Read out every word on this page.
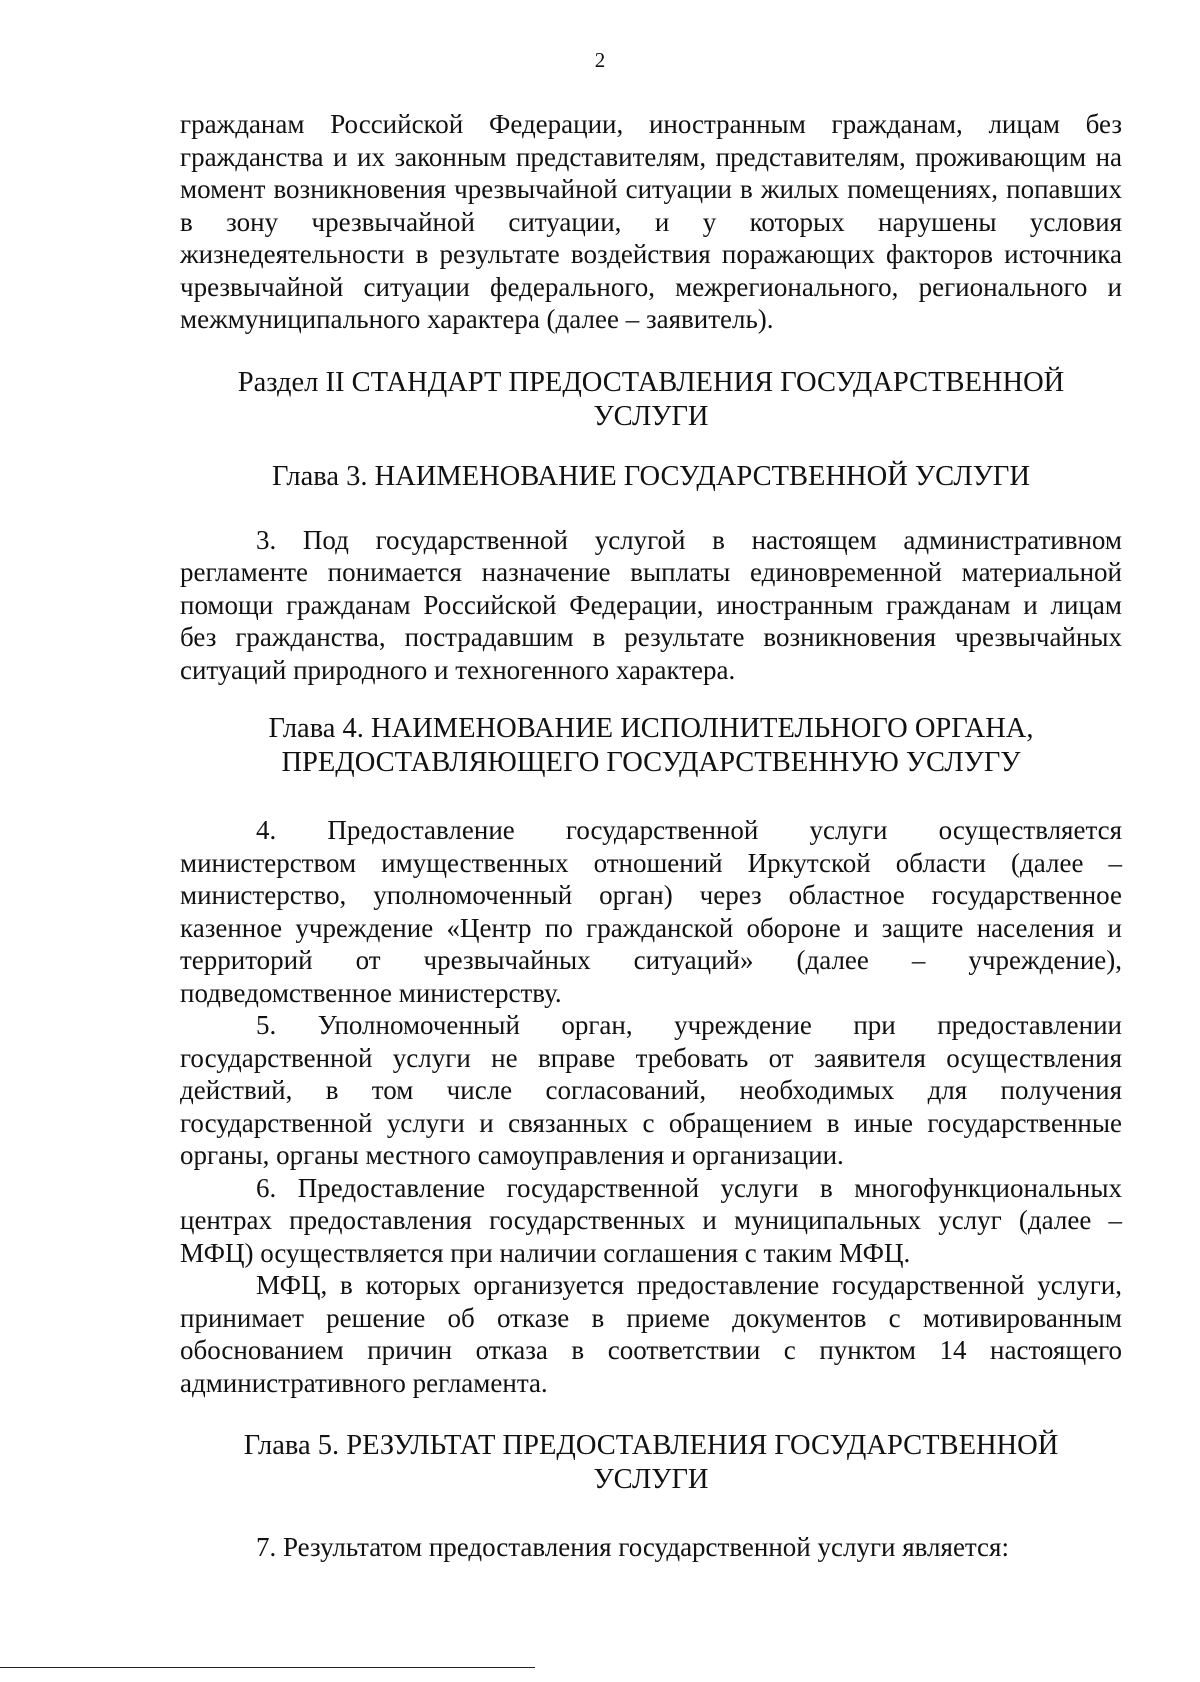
2

гражданам Российской Федерации, иностранным гражданам, лицам без гражданства и их законным представителям, представителям, проживающим на момент возникновения чрезвычайной ситуации в жилых помещениях, попавших в зону чрезвычайной ситуации, и у которых нарушены условия жизнедеятельности в результате воздействия поражающих факторов источника чрезвычайной ситуации федерального, межрегионального, регионального и межмуниципального характера (далее – заявитель).

Раздел II СТАНДАРТ ПРЕДОСТАВЛЕНИЯ ГОСУДАРСТВЕННОЙ
УСЛУГИ
Глава 3. НАИМЕНОВАНИЕ ГОСУДАРСТВЕННОЙ УСЛУГИ

3. Под государственной услугой в настоящем административном регламенте понимается назначение выплаты единовременной материальной помощи гражданам Российской Федерации, иностранным гражданам и лицам без гражданства, пострадавшим в результате возникновения чрезвычайных ситуаций природного и техногенного характера.

Глава 4. НАИМЕНОВАНИЕ ИСПОЛНИТЕЛЬНОГО ОРГАНА,
ПРЕДОСТАВЛЯЮЩЕГО ГОСУДАРСТВЕННУЮ УСЛУГУ

4. Предоставление государственной услуги осуществляется министерством имущественных отношений Иркутской области (далее – министерство, уполномоченный орган) через областное государственное казенное учреждение «Центр по гражданской обороне и защите населения и территорий от чрезвычайных ситуаций» (далее – учреждение), подведомственное министерству.

5. Уполномоченный орган, учреждение при предоставлении государственной услуги не вправе требовать от заявителя осуществления действий, в том числе согласований, необходимых для получения государственной услуги и связанных с обращением в иные государственные органы, органы местного самоуправления и организации.

6. Предоставление государственной услуги в многофункциональных центрах предоставления государственных и муниципальных услуг (далее – МФЦ) осуществляется при наличии соглашения с таким МФЦ.

МФЦ, в которых организуется предоставление государственной услуги, принимает решение об отказе в приеме документов с мотивированным обоснованием причин отказа в соответствии с пунктом 14 настоящего административного регламента.

Глава 5. РЕЗУЛЬТАТ ПРЕДОСТАВЛЕНИЯ ГОСУДАРСТВЕННОЙ
УСЛУГИ

7. Результатом предоставления государственной услуги является:
